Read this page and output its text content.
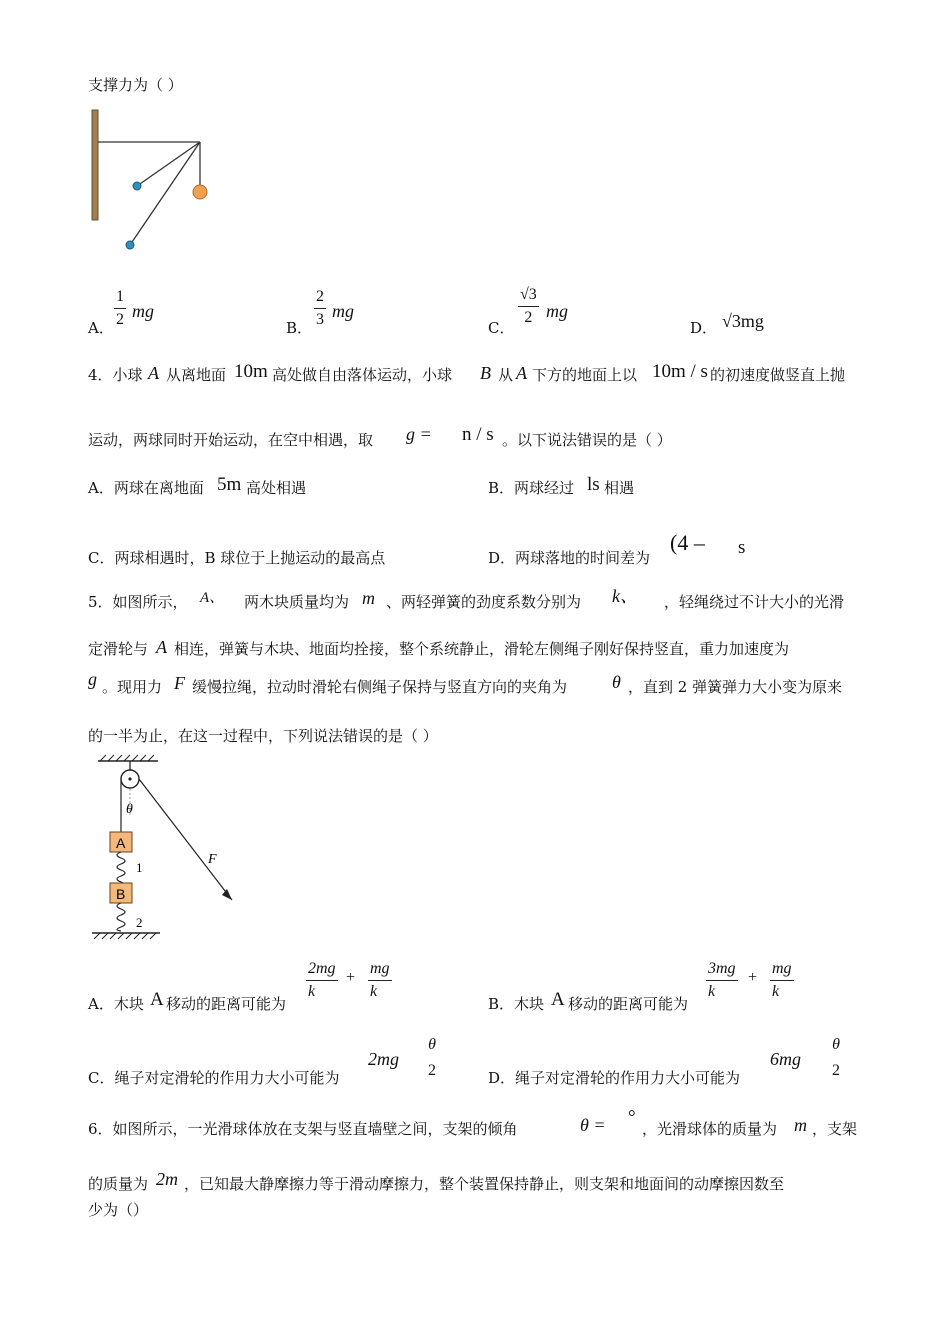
支撑力为（ ）
A．
1
2 mg
B．
2
3 mg
C．
√3
2 mg
D． √3mg
4．小球 A 从离地面 10m 高处做自由落体运动，小球 B 从 A 下方的地面上以 10m / s 的初速度做竖直上抛
运动，两球同时开始运动，在空中相遇，取 g = n / s 。以下说法错误的是（ ）
A．两球在离地面 5m 高处相遇	B．两球经过 ls 相遇
C．两球相遇时，B 球位于上抛运动的最高点	D．两球落地的时间差为
(4 – s
5．如图所示， A、 两木块质量均为 m 、两轻弹簧的劲度系数分别为 k、 ，轻绳绕过不计大小的光滑
定滑轮与 A 相连，弹簧与木块、地面均拴接，整个系统静止，滑轮左侧绳子刚好保持竖直，重力加速度为
g 。现用力 F 缓慢拉绳，拉动时滑轮右侧绳子保持与竖直方向的夹角为 θ ，直到 2 弹簧弹力大小变为原来
的一半为止，在这一过程中，下列说法错误的是（ ）
θ
F
A
1
B
2
A．木块 A 移动的距离可能为
2mg
k
+
mg
k
B．木块 A 移动的距离可能为
3mg
k
+
mg
k
C．绳子对定滑轮的作用力大小可能为
2mg
θ
2	D．绳子对定滑轮的作用力大小可能为
6mg
θ
2
6．如图所示，一光滑球体放在支架与竖直墙壁之间，支架的倾角	θ = °
，光滑球体的质量为 m ，支架
的质量为 2m ，已知最大静摩擦力等于滑动摩擦力，整个装置保持静止，则支架和地面间的动摩擦因数至
少为（）
